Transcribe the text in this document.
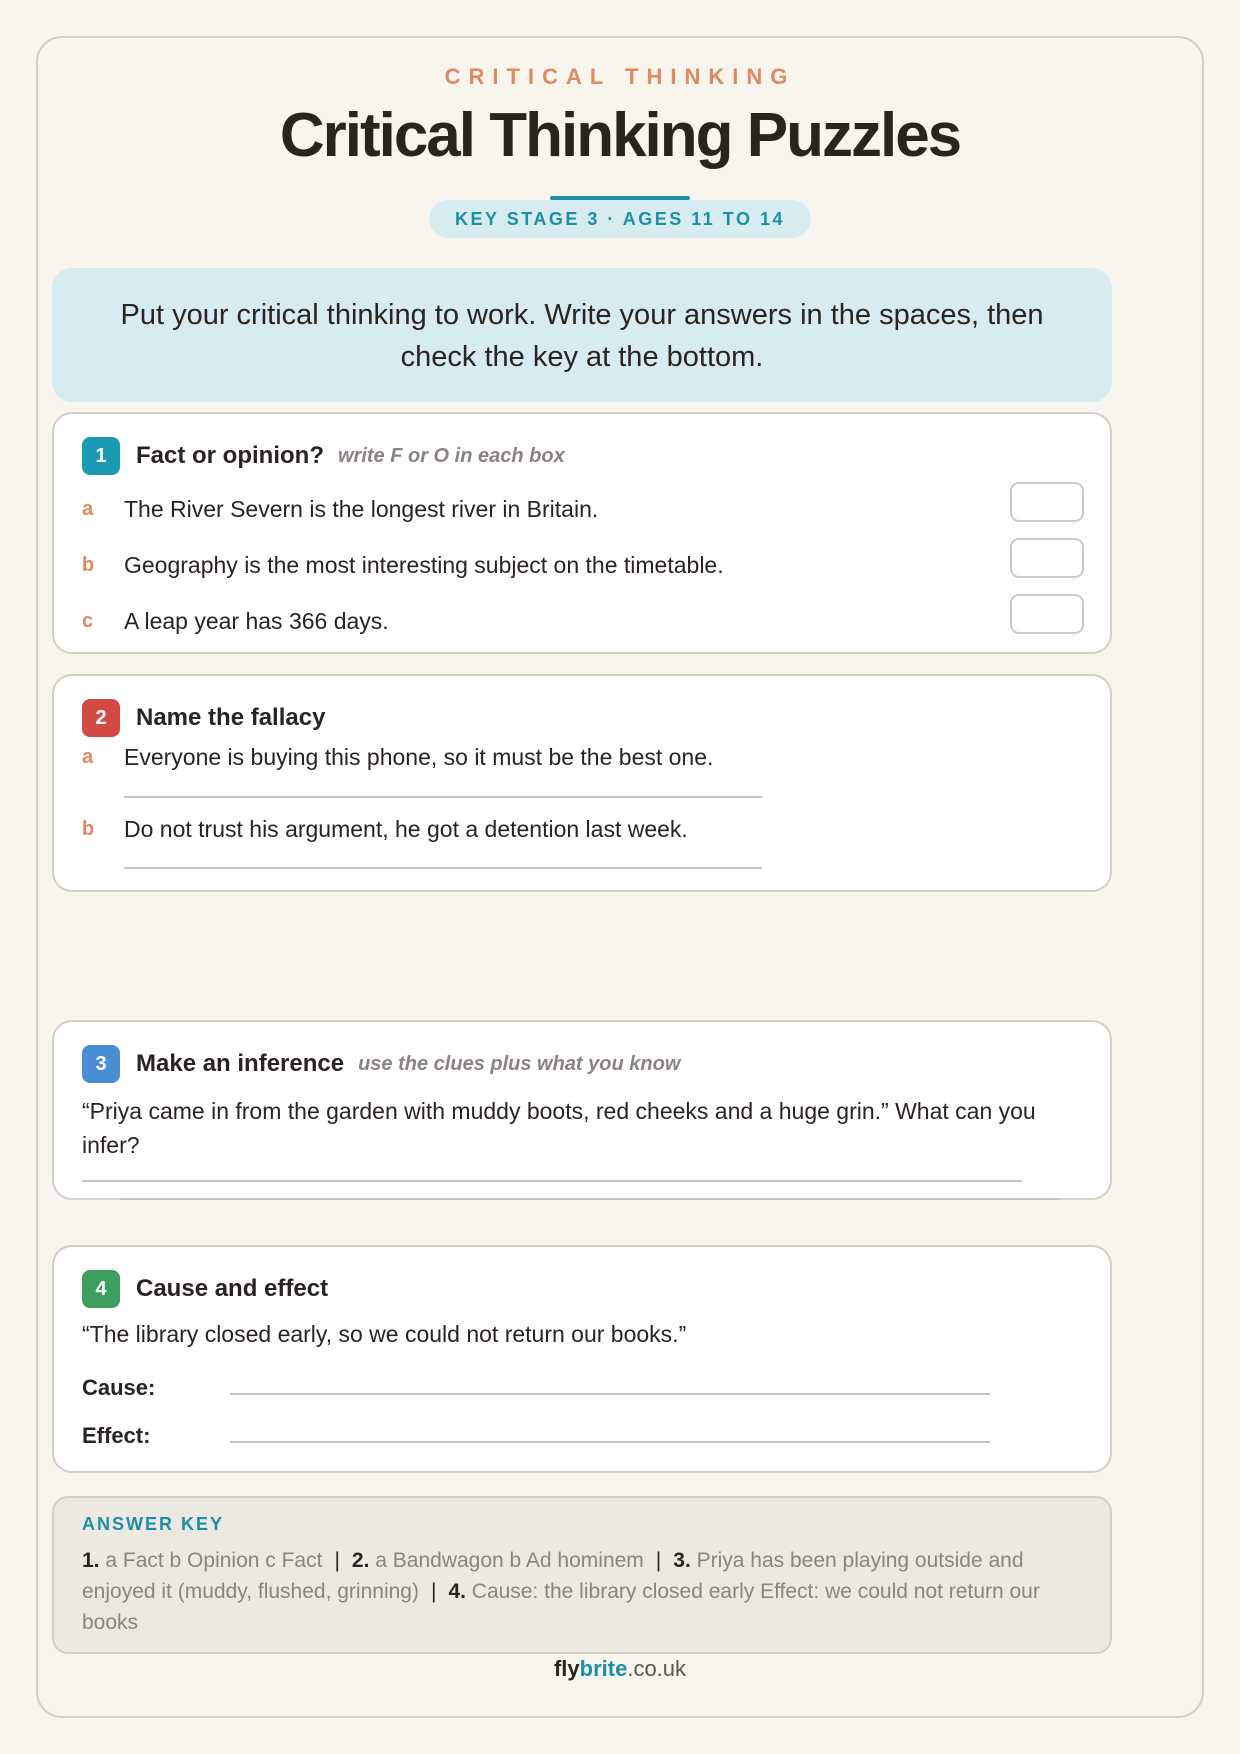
CRITICAL THINKING
Critical Thinking Puzzles
KEY STAGE 3 · AGES 11 TO 14
Put your critical thinking to work. Write your answers in the spaces, then check the key at the bottom.
1	Fact or opinion? write F or O in each box
a	The River Severn is the longest river in Britain.
b	Geography is the most interesting subject on the timetable.
c	A leap year has 366 days.
2	Name the fallacy
a	Everyone is buying this phone, so it must be the best one.
b	Do not trust his argument, he got a detention last week.
3	Make an inference use the clues plus what you know
“Priya came in from the garden with muddy boots, red cheeks and a huge grin.” What can you infer?
4	Cause and effect
“The library closed early, so we could not return our books.”
Cause:
Effect:
ANSWER KEY
1. a Fact b Opinion c Fact | 2. a Bandwagon b Ad hominem | 3. Priya has been playing outside and enjoyed it (muddy, flushed, grinning) | 4. Cause: the library closed early Effect: we could not return our books
flybrite.co.uk
